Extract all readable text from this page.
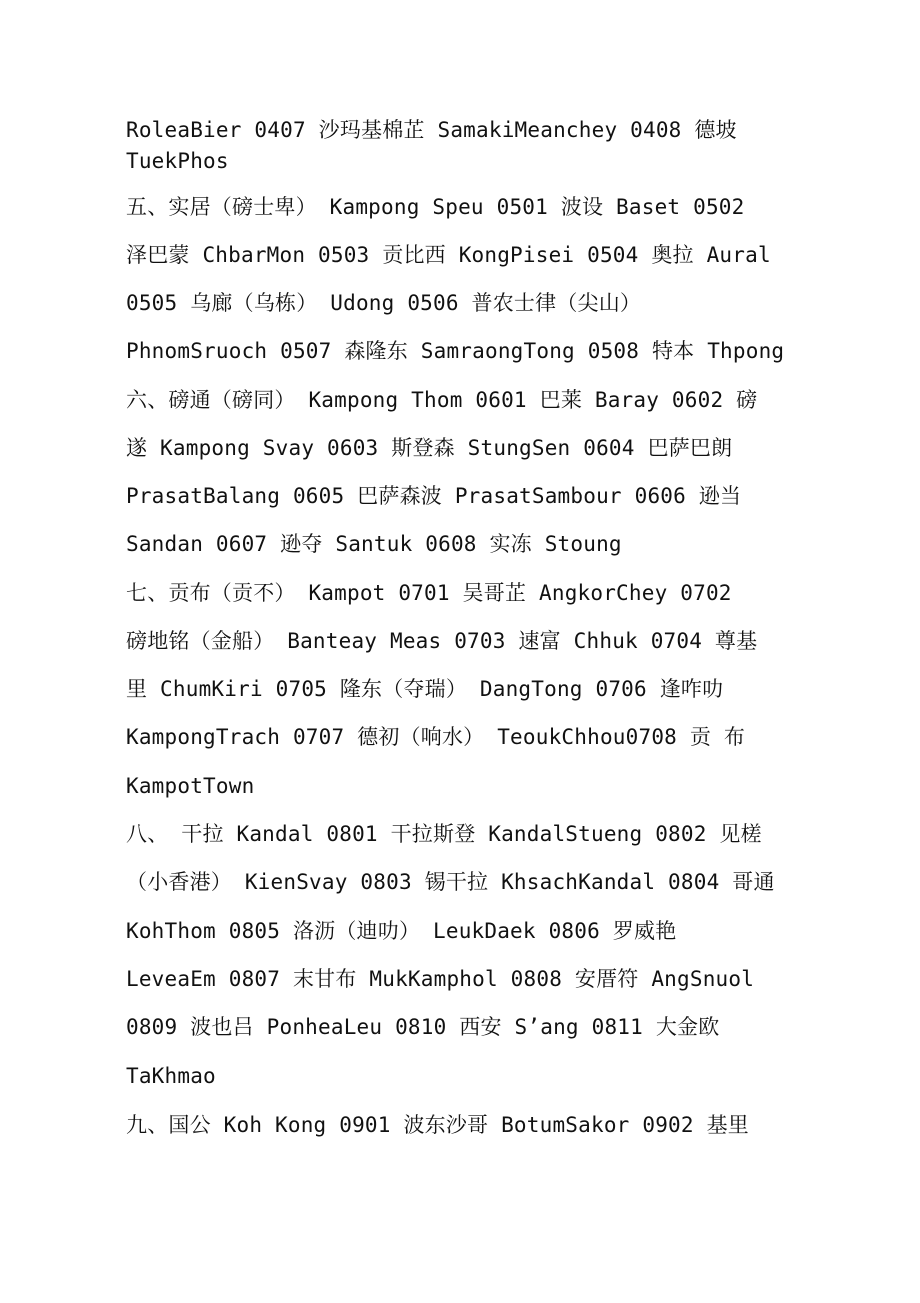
RoleaBier 0407 沙玛基棉芷 SamakiMeanchey 0408 德坡

TuekPhos

五、实居（磅士卑） Kampong Speu 0501 波设 Baset 0502

泽巴蒙 ChbarMon 0503 贡比西 KongPisei 0504 奥拉 Aural

0505 乌廊（乌栋） Udong 0506 普农士律（尖山）

PhnomSruoch 0507 森隆东 SamraongTong 0508 特本 Thpong

六、磅通（磅同） Kampong Thom 0601 巴莱 Baray 0602 磅

遂 Kampong Svay 0603 斯登森 StungSen 0604 巴萨巴朗

PrasatBalang 0605 巴萨森波 PrasatSambour 0606 逊当

Sandan 0607 逊夺 Santuk 0608 实冻 Stoung

七、贡布（贡不） Kampot 0701 吴哥芷 AngkorChey 0702

磅地铭（金船） Banteay Meas 0703 速富 Chhuk 0704 尊基

里 ChumKiri 0705 隆东（夺瑞） DangTong 0706 逢咋叻

KampongTrach 0707 德初（响水） TeoukChhou0708 贡 布

KampotTown

八、 干拉 Kandal 0801 干拉斯登 KandalStueng 0802 见槎

（小香港） KienSvay 0803 锡干拉 KhsachKandal 0804 哥通

KohThom 0805 洛沥（迪叻） LeukDaek 0806 罗威艳

LeveaEm 0807 末甘布 MukKamphol 0808 安厝符 AngSnuol

0809 波也吕 PonheaLeu 0810 西安 S’ang 0811 大金欧

TaKhmao

九、国公 Koh Kong 0901 波东沙哥 BotumSakor 0902 基里
